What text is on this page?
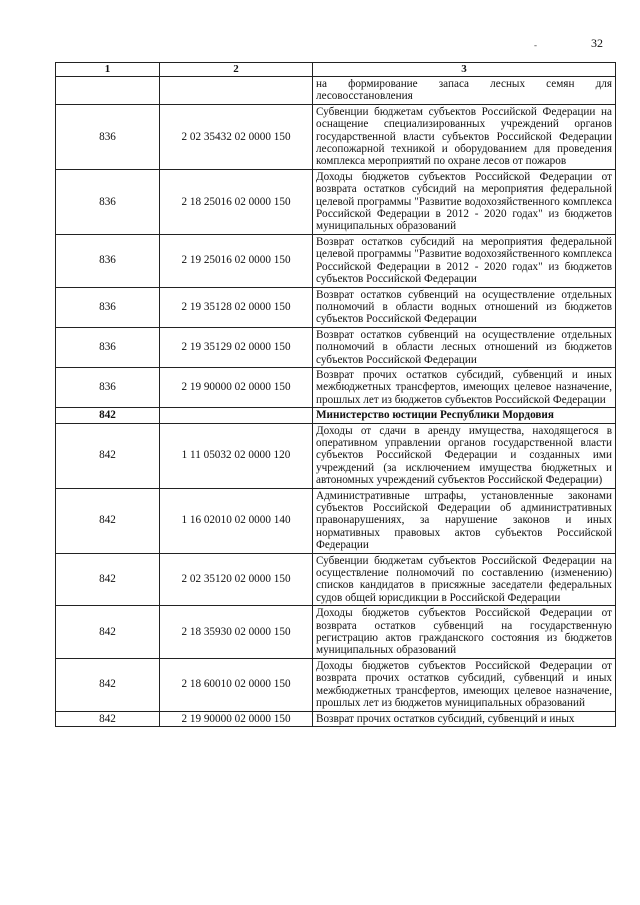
32
-
1	2	3
		на формирование запаса лесных семян для лесовосстановления
836	2 02 35432 02 0000 150	Субвенции бюджетам субъектов Российской Федерации на оснащение специализированных учреждений органов государственной власти субъектов Российской Федерации лесопожарной техникой и оборудованием для проведения комплекса мероприятий по охране лесов от пожаров
836	2 18 25016 02 0000 150	Доходы бюджетов субъектов Российской Федерации от возврата остатков субсидий на мероприятия федеральной целевой программы "Развитие водохозяйственного комплекса Российской Федерации в 2012 - 2020 годах" из бюджетов муниципальных образований
836	2 19 25016 02 0000 150	Возврат остатков субсидий на мероприятия федеральной целевой программы "Развитие водохозяйственного комплекса Российской Федерации в 2012 - 2020 годах" из бюджетов субъектов Российской Федерации
836	2 19 35128 02 0000 150	Возврат остатков субвенций на осуществление отдельных полномочий в области водных отношений из бюджетов субъектов Российской Федерации
836	2 19 35129 02 0000 150	Возврат остатков субвенций на осуществление отдельных полномочий в области лесных отношений из бюджетов субъектов Российской Федерации
836	2 19 90000 02 0000 150	Возврат прочих остатков субсидий, субвенций и иных межбюджетных трансфертов, имеющих целевое назначение, прошлых лет из бюджетов субъектов Российской Федерации
842		Министерство юстиции Республики Мордовия
842	1 11 05032 02 0000 120	Доходы от сдачи в аренду имущества, находящегося в оперативном управлении органов государственной власти субъектов Российской Федерации и созданных ими учреждений (за исключением имущества бюджетных и автономных учреждений субъектов Российской Федерации)
842	1 16 02010 02 0000 140	Административные штрафы, установленные законами субъектов Российской Федерации об административных правонарушениях, за нарушение законов и иных нормативных правовых актов субъектов Российской Федерации
842	2 02 35120 02 0000 150	Субвенции бюджетам субъектов Российской Федерации на осуществление полномочий по составлению (изменению) списков кандидатов в присяжные заседатели федеральных судов общей юрисдикции в Российской Федерации
842	2 18 35930 02 0000 150	Доходы бюджетов субъектов Российской Федерации от возврата остатков субвенций на государственную регистрацию актов гражданского состояния из бюджетов муниципальных образований
842	2 18 60010 02 0000 150	Доходы бюджетов субъектов Российской Федерации от возврата прочих остатков субсидий, субвенций и иных межбюджетных трансфертов, имеющих целевое назначение, прошлых лет из бюджетов муниципальных образований
842	2 19 90000 02 0000 150	Возврат прочих остатков субсидий, субвенций и иных
